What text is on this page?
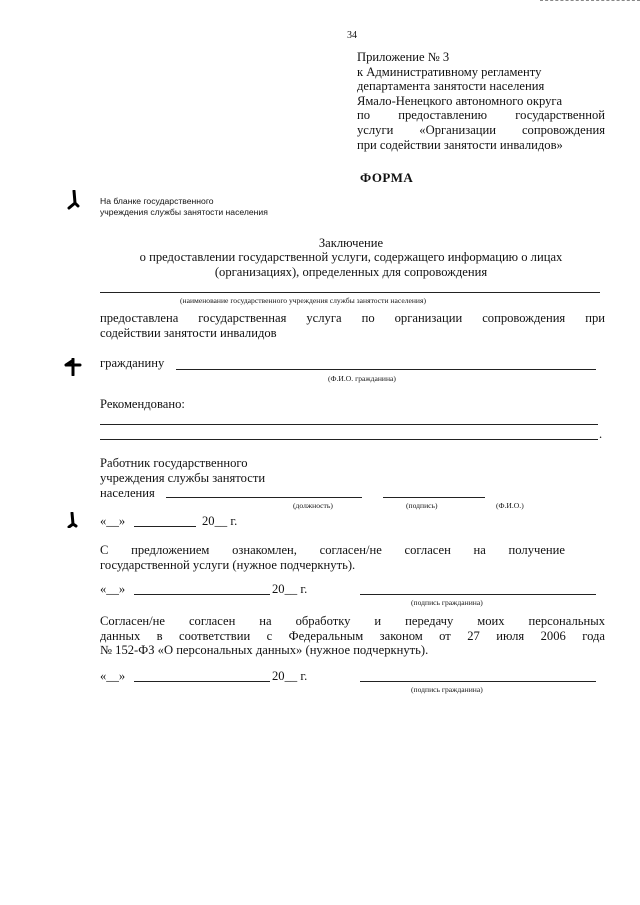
34
Приложение № 3
к Административному регламенту
департамента занятости населения
Ямало-Ненецкого автономного округа
по предоставлению государственной
услуги «Организации сопровождения
при содействии занятости инвалидов»
ФОРМА
На бланке государственного
учреждения службы занятости населения
Заключение
о предоставлении государственной услуги, содержащего информацию о лицах
(организациях), определенных для сопровождения
(наименование государственного учреждения службы занятости населения)
предоставлена государственная услуга по организации сопровождения при
содействии занятости инвалидов
гражданину
(Ф.И.О. гражданина)
Рекомендовано:
.
Работник государственного
учреждения службы занятости
населения
(должность)	(подпись)	(Ф.И.О.)
«__»	20__ г.
С предложением ознакомлен, согласен/не согласен на получение
государственной услуги (нужное подчеркнуть).
«__»	20__ г.
(подпись гражданина)
Согласен/не согласен на обработку и передачу моих персональных
данных в соответствии с Федеральным законом от 27 июля 2006 года
№ 152-ФЗ «О персональных данных» (нужное подчеркнуть).
«__»	20__ г.
(подпись гражданина)
